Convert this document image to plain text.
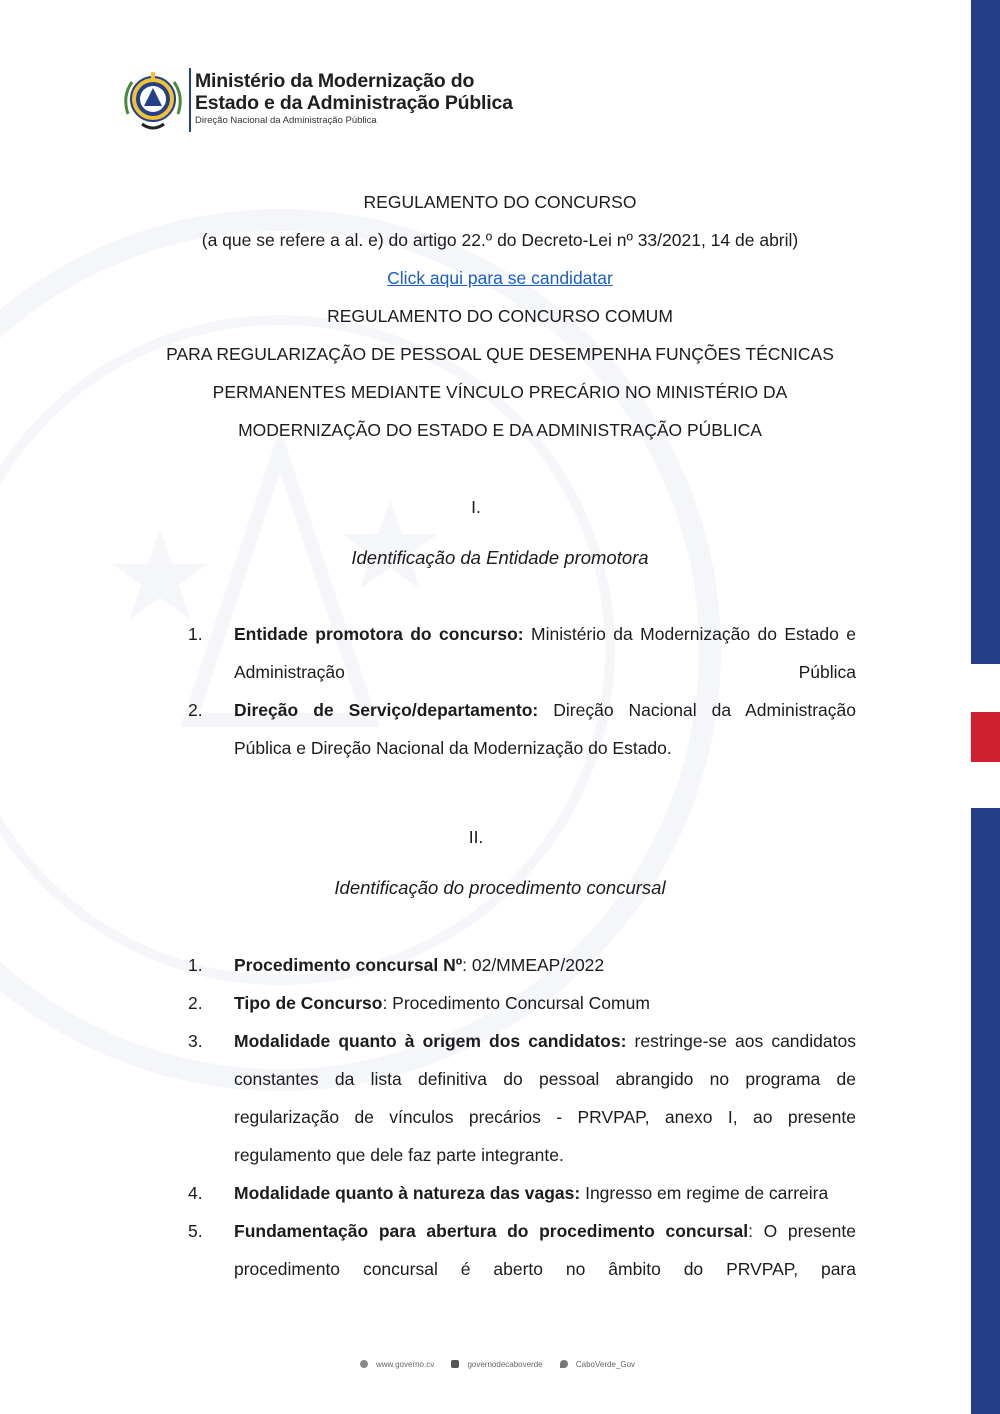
Ministério da Modernização do
Estado e da Administração Pública
Direção Nacional da Administração Pública
REGULAMENTO DO CONCURSO
(a que se refere a al. e) do artigo 22.º do Decreto-Lei nº 33/2021, 14 de abril)
Click aqui para se candidatar
REGULAMENTO DO CONCURSO COMUM
PARA REGULARIZAÇÃO DE PESSOAL QUE DESEMPENHA FUNÇÕES TÉCNICAS
PERMANENTES MEDIANTE VÍNCULO PRECÁRIO NO MINISTÉRIO DA
MODERNIZAÇÃO DO ESTADO E DA ADMINISTRAÇÃO PÚBLICA
I.
Identificação da Entidade promotora
1. Entidade promotora do concurso: Ministério da Modernização do Estado e Administração Pública
2. Direção de Serviço/departamento: Direção Nacional da Administração Pública e Direção Nacional da Modernização do Estado.
II.
Identificação do procedimento concursal
1. Procedimento concursal Nº: 02/MMEAP/2022
2. Tipo de Concurso: Procedimento Concursal Comum
3. Modalidade quanto à origem dos candidatos: restringe-se aos candidatos constantes da lista definitiva do pessoal abrangido no programa de regularização de vínculos precários - PRVPAP, anexo I, ao presente regulamento que dele faz parte integrante.
4. Modalidade quanto à natureza das vagas: Ingresso em regime de carreira
5. Fundamentação para abertura do procedimento concursal: O presente procedimento concursal é aberto no âmbito do PRVPAP, para
www.governo.cv	governodecaboverde	CaboVerde_Gov
